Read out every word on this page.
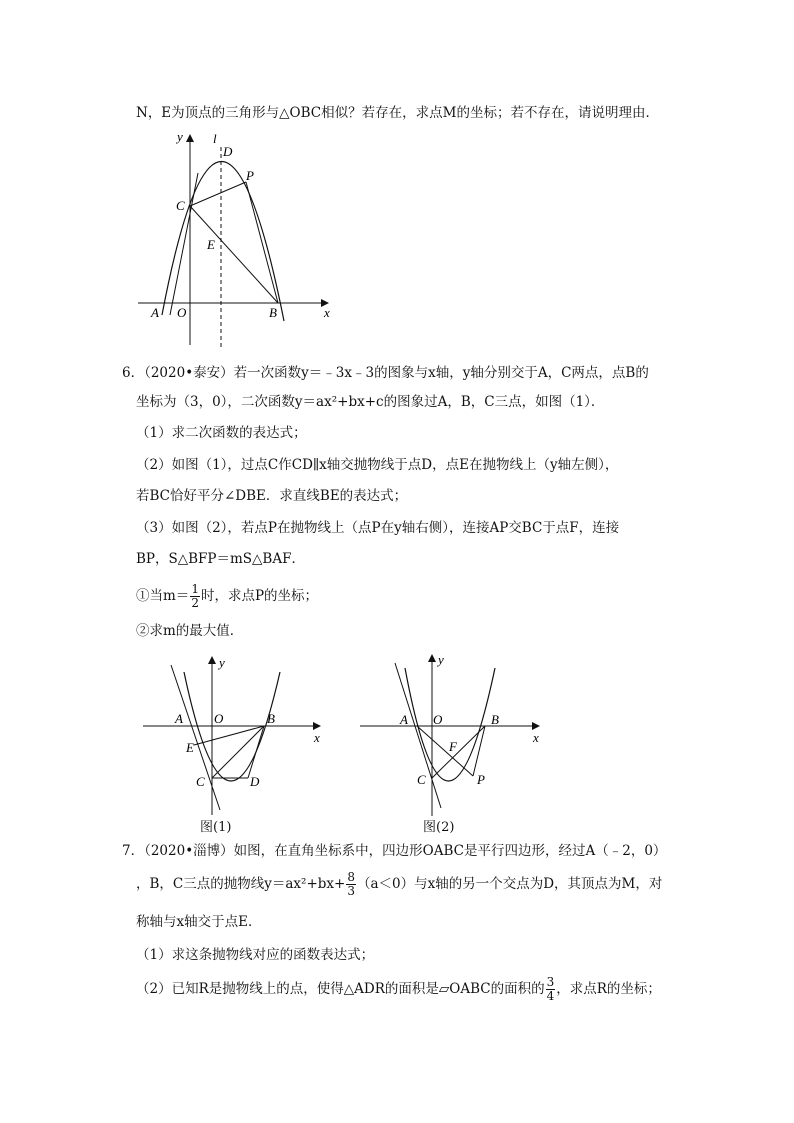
N，E为顶点的三角形与△OBC相似？若存在，求点M的坐标；若不存在，请说明理由．
y l
D
P
C
E
A O	B	x
6．（2020•泰安）若一次函数y＝﹣3x﹣3的图象与x轴，y轴分别交于A，C两点，点B的
坐标为（3，0），二次函数y＝ax²+bx+c的图象过A，B，C三点，如图（1）．
（1）求二次函数的表达式；
（2）如图（1），过点C作CD∥x轴交抛物线于点D，点E在抛物线上（y轴左侧），
若BC恰好平分∠DBE．求直线BE的表达式；
（3）如图（2），若点P在抛物线上（点P在y轴右侧），连接AP交BC于点F，连接
BP，S△BFP＝mS△BAF．
①当$m= \frac{1}{2}$ 时，求点P的坐标；
②求m的最大值．
y
A O	B
x
E
C	D
图(1)
y
A O	B
x
F
C	P
图(2)
7．（2020•淄博）如图，在直角坐标系中，四边形OABC是平行四边形，经过A（﹣2，0）
，B，C三点的抛物线$y=ax^2+bx+ \frac{8}{3} (a<0)$与x轴的另一个交点为D，其顶点为M，对
称轴与x轴交于点E．
（1）求这条抛物线对应的函数表达式；
（2）已知R是抛物线上的点，使得△ADR的面积是▱OABC的面积的 $\frac{3}{4}$ ，求点R的坐标；
